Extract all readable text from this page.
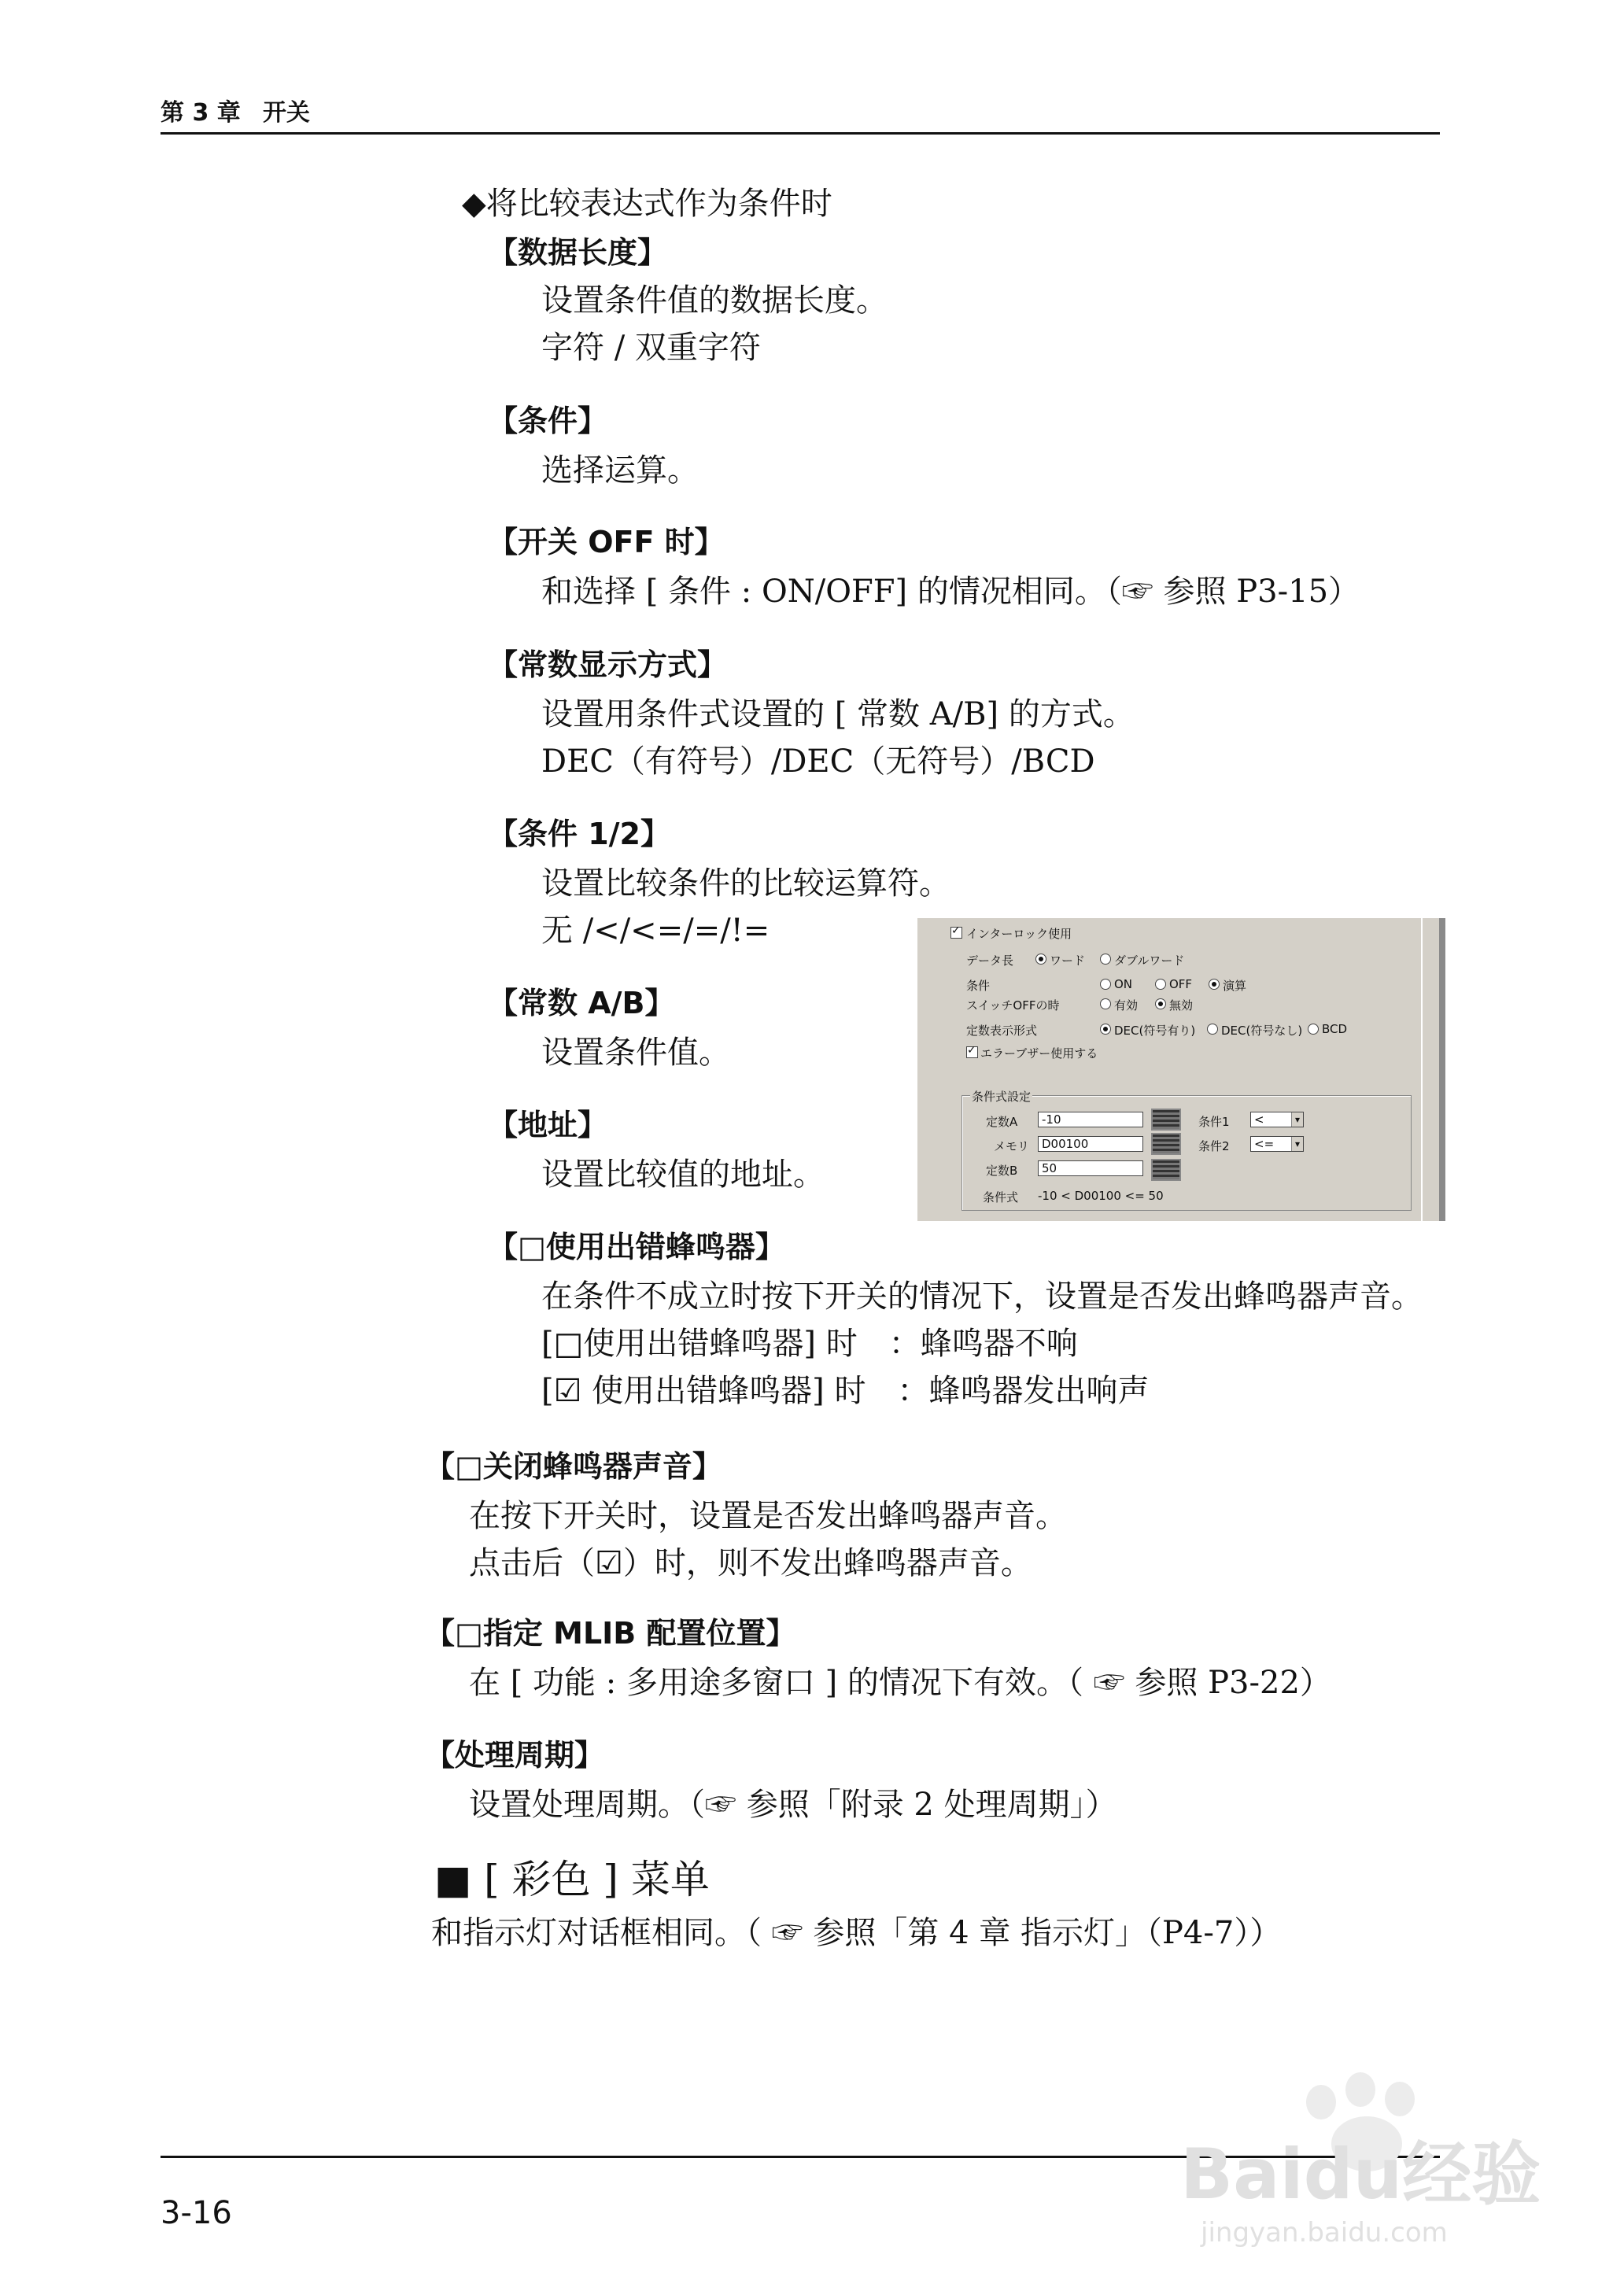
第 3 章 开关
◆将比较表达式作为条件时
【数据长度】
设置条件值的数据长度。
字符 / 双重字符
【条件】
选择运算。
【开关 OFF 时】
和选择 [ 条件 : ON/OFF] 的情况相同。（☞ 参照 P3-15）
【常数显示方式】
设置用条件式设置的 [ 常数 A/B] 的方式。
DEC（有符号）/DEC（无符号）/BCD
【条件 1/2】
设置比较条件的比较运算符。
无 /</<=/=/!=
【常数 A/B】
设置条件值。
【地址】
设置比较值的地址。
【□使用出错蜂鸣器】
在条件不成立时按下开关的情况下，设置是否发出蜂鸣器声音。
[□使用出错蜂鸣器] 时　：蜂鸣器不响
[☑ 使用出错蜂鸣器] 时　：蜂鸣器发出响声
【□关闭蜂鸣器声音】
在按下开关时，设置是否发出蜂鸣器声音。
点击后（☑）时，则不发出蜂鸣器声音。
【□指定 MLIB 配置位置】
在 [ 功能 : 多用途多窗口 ] 的情况下有效。（ ☞ 参照 P3-22）
【处理周期】
设置处理周期。（☞ 参照「附录 2 处理周期」）
■ [ 彩色 ] 菜单
和指示灯对话框相同。（ ☞ 参照「第 4 章 指示灯」（P4-7））
✓
インターロック使用
データ長	ワード ダブルワード
条件	ON	OFF	演算
スイッチOFFの時	有効	無効
定数表示形式	DEC(符号有り) DEC(符号なし) BCD
✓
エラーブザー使用する
条件式設定
定数A	-10
メモリ	D00100
定数B	50
条件1	< ▾
条件2	<= ▾
条件式 -10 < D00100 <= 50
3-16	Baidu经验
jingyan.baidu.com
